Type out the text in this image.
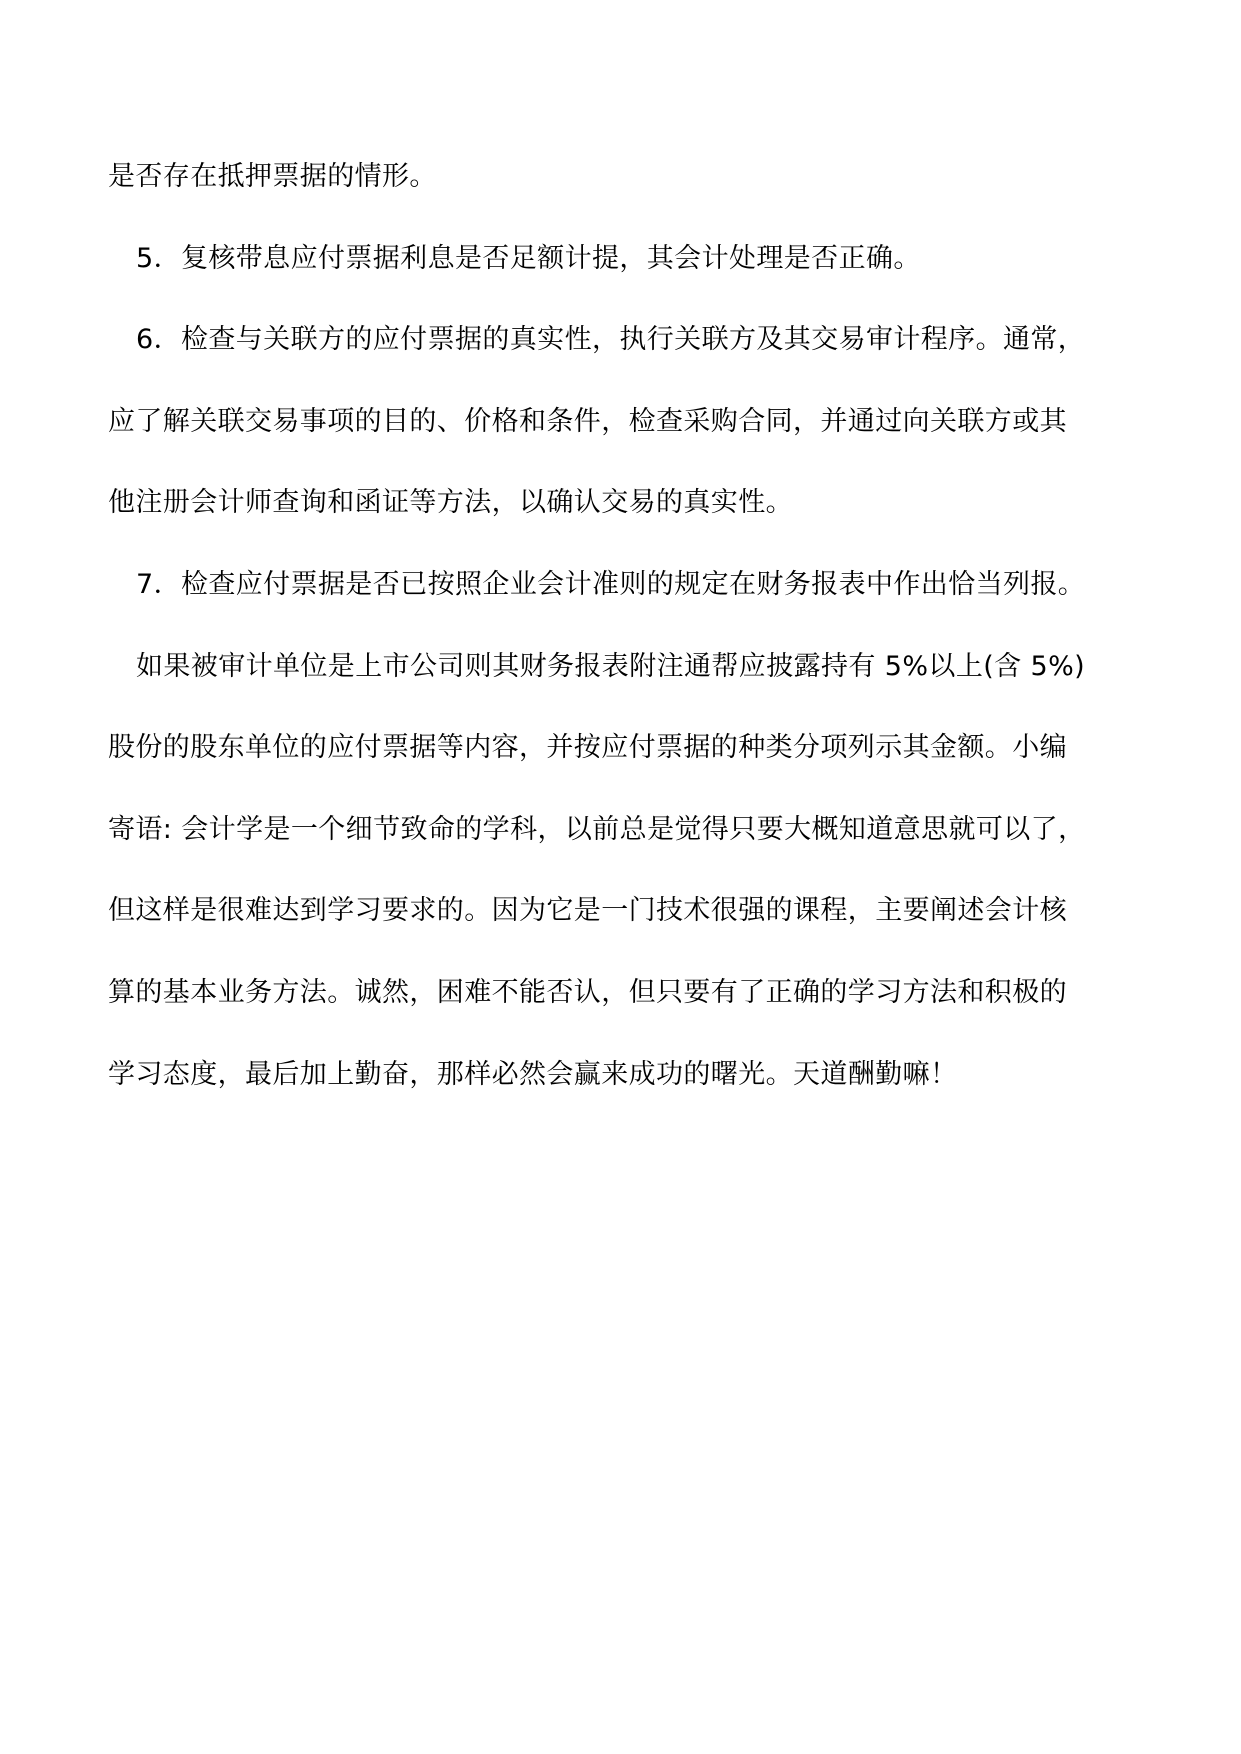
是否存在抵押票据的情形。
5．复核带息应付票据利息是否足额计提，其会计处理是否正确。
6．检查与关联方的应付票据的真实性，执行关联方及其交易审计程序。通常，
应了解关联交易事项的目的、价格和条件，检查采购合同，并通过向关联方或其
他注册会计师查询和函证等方法，以确认交易的真实性。
7．检查应付票据是否已按照企业会计准则的规定在财务报表中作出恰当列报。
如果被审计单位是上市公司则其财务报表附注通帮应披露持有 5%以上(含 5%)
股份的股东单位的应付票据等内容，并按应付票据的种类分项列示其金额。小编
寄语: 会计学是一个细节致命的学科，以前总是觉得只要大概知道意思就可以了，
但这样是很难达到学习要求的。因为它是一门技术很强的课程，主要阐述会计核
算的基本业务方法。诚然，困难不能否认，但只要有了正确的学习方法和积极的
学习态度，最后加上勤奋，那样必然会赢来成功的曙光。天道酬勤嘛！
